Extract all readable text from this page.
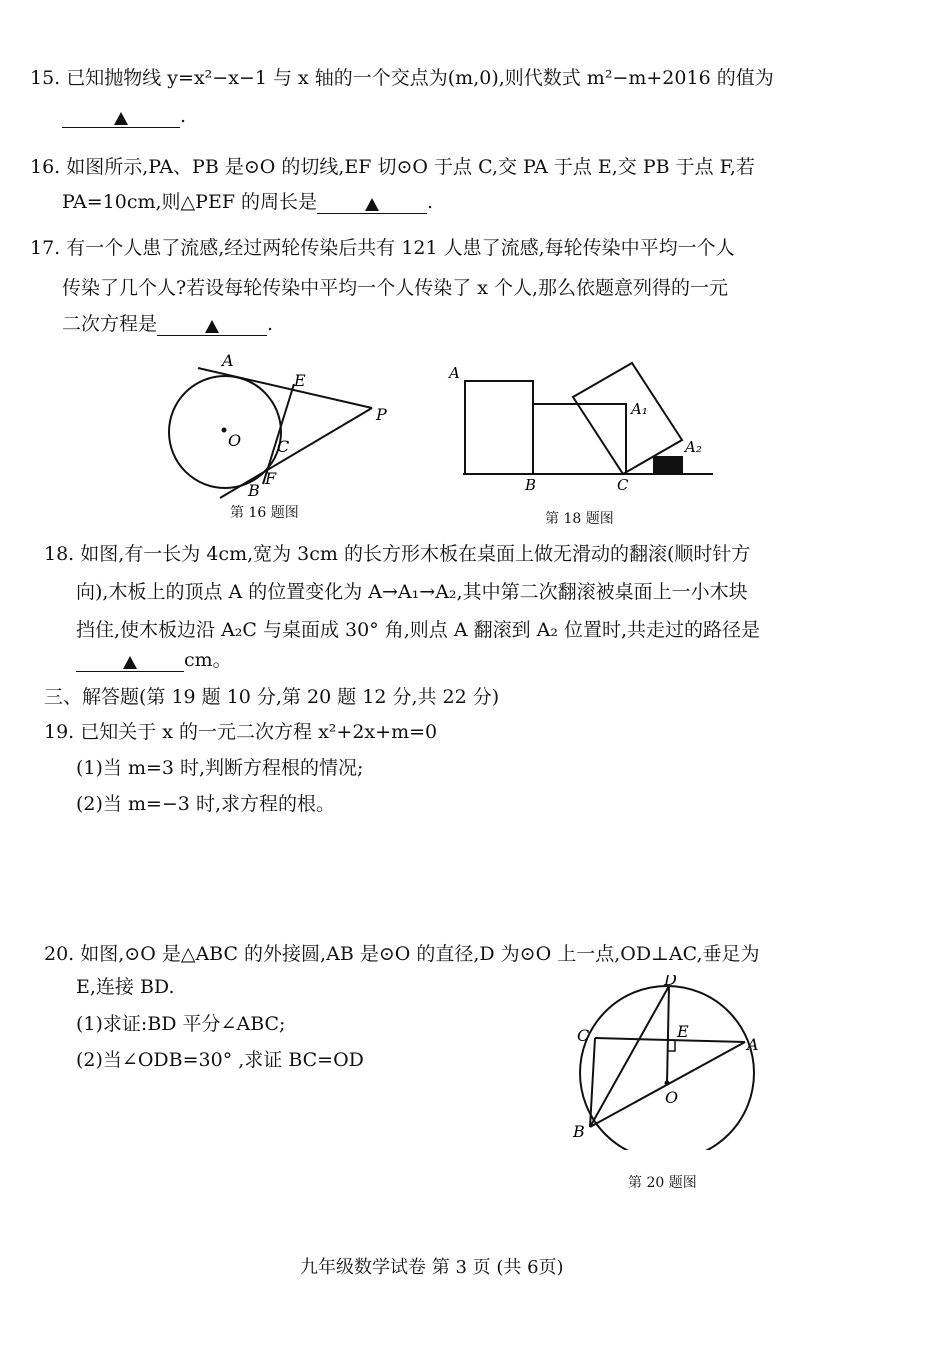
15. 已知抛物线 y=x²−x−1 与 x 轴的一个交点为(m,0),则代数式 m²−m+2016 的值为
.
16. 如图所示,PA、PB 是⊙O 的切线,EF 切⊙O 于点 C,交 PA 于点 E,交 PB 于点 F,若
PA=10cm,则△PEF 的周长是	.
17. 有一个人患了流感,经过两轮传染后共有 121 人患了流感,每轮传染中平均一个人
传染了几个人?若设每轮传染中平均一个人传染了 x 个人,那么依题意列得的一元
二次方程是	.
A
E
O C
P
F
B
第 16 题图
A
A₁
A₂
B	C
第 18 题图
18. 如图,有一长为 4cm,宽为 3cm 的长方形木板在桌面上做无滑动的翻滚(顺时针方
向),木板上的顶点 A 的位置变化为 A→A₁→A₂,其中第二次翻滚被桌面上一小木块
挡住,使木板边沿 A₂C 与桌面成 30° 角,则点 A 翻滚到 A₂ 位置时,共走过的路径是
cm。
三、解答题(第 19 题 10 分,第 20 题 12 分,共 22 分)
19. 已知关于 x 的一元二次方程 x²+2x+m=0
(1)当 m=3 时,判断方程根的情况;
(2)当 m=−3 时,求方程的根。
20. 如图,⊙O 是△ABC 的外接圆,AB 是⊙O 的直径,D 为⊙O 上一点,OD⊥AC,垂足为
E,连接 BD.
(1)求证:BD 平分∠ABC;
(2)当∠ODB=30° ,求证 BC=OD
D
C	E
A
O
B
第 20 题图
九年级数学试卷 第 3 页 (共 6页)
